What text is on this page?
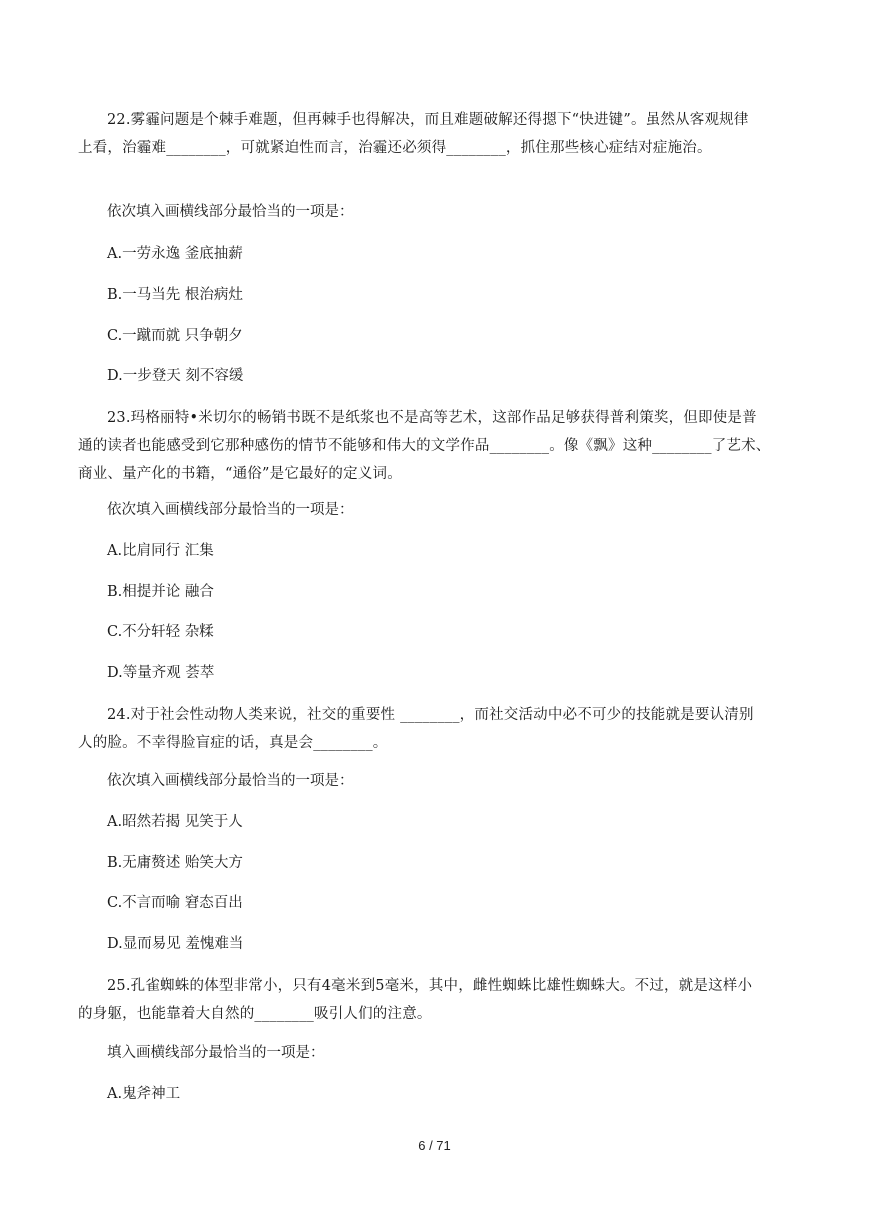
22.雾霾问题是个棘手难题，但再棘手也得解决，而且难题破解还得摁下“快进键”。虽然从客观规律
上看，治霾难________，可就紧迫性而言，治霾还必须得________，抓住那些核心症结对症施治。
依次填入画横线部分最恰当的一项是：
A.一劳永逸 釜底抽薪
B.一马当先 根治病灶
C.一蹴而就 只争朝夕
D.一步登天 刻不容缓
23.玛格丽特•米切尔的畅销书既不是纸浆也不是高等艺术，这部作品足够获得普利策奖，但即使是普
通的读者也能感受到它那种感伤的情节不能够和伟大的文学作品________。像《飘》这种________了艺术、
商业、量产化的书籍，“通俗”是它最好的定义词。
依次填入画横线部分最恰当的一项是：
A.比肩同行 汇集
B.相提并论 融合
C.不分轩轻 杂糅
D.等量齐观 荟萃
24.对于社会性动物人类来说，社交的重要性 ________，而社交活动中必不可少的技能就是要认清别
人的脸。不幸得脸盲症的话，真是会________。
依次填入画横线部分最恰当的一项是：
A.昭然若揭 见笑于人
B.无庸赘述 贻笑大方
C.不言而喻 窘态百出
D.显而易见 羞愧难当
25.孔雀蜘蛛的体型非常小，只有4毫米到5毫米，其中，雌性蜘蛛比雄性蜘蛛大。不过，就是这样小
的身躯，也能靠着大自然的________吸引人们的注意。
填入画横线部分最恰当的一项是：
A.鬼斧神工
6 / 71
